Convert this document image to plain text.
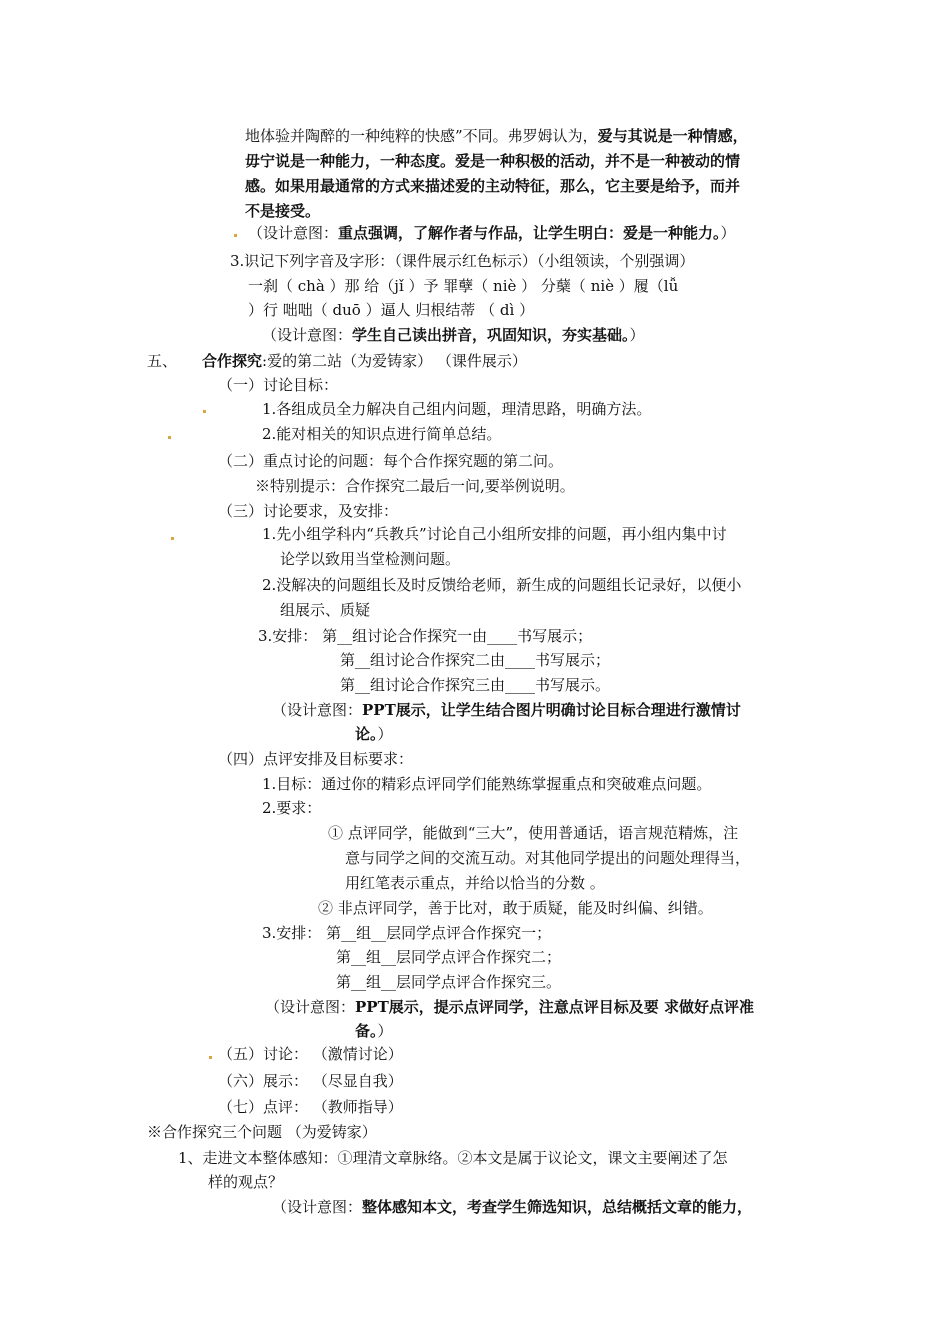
地体验并陶醉的一种纯粹的快感”不同。弗罗姆认为，爱与其说是一种情感，
毋宁说是一种能力，一种态度。爱是一种积极的活动，并不是一种被动的情
感。如果用最通常的方式来描述爱的主动特征，那么，它主要是给予，而并
不是接受。
（设计意图：重点强调，了解作者与作品，让学生明白：爱是一种能力。）
3.识记下列字音及字形：（课件展示红色标示）（小组领读，个别强调）
一刹（ chà ）那 给（jǐ ）予 罪孽（ niè ） 分蘖（ niè ）履（lǚ
）行 咄咄（ duō ）逼人 归根结蒂 （ dì ）
（设计意图：学生自己读出拼音，巩固知识，夯实基础。）
五、 合作探究:爱的第二站（为爱铸家） （课件展示）
（一）讨论目标：
1.各组成员全力解决自己组内问题，理清思路，明确方法。
2.能对相关的知识点进行简单总结。
（二）重点讨论的问题：每个合作探究题的第二问。
※特别提示：合作探究二最后一问,要举例说明。
（三）讨论要求，及安排：
1.先小组学科内“兵教兵”讨论自己小组所安排的问题，再小组内集中讨
论学以致用当堂检测问题。
2.没解决的问题组长及时反馈给老师，新生成的问题组长记录好，以便小
组展示、质疑
3.安排： 第__组讨论合作探究一由____书写展示；
第__组讨论合作探究二由____书写展示；
第__组讨论合作探究三由____书写展示。
（设计意图：PPT展示，让学生结合图片明确讨论目标合理进行激情讨
论。）
（四）点评安排及目标要求：
1.目标：通过你的精彩点评同学们能熟练掌握重点和突破难点问题。
2.要求：
① 点评同学，能做到“三大”，使用普通话，语言规范精炼，注
意与同学之间的交流互动。对其他同学提出的问题处理得当，
用红笔表示重点，并给以恰当的分数 。
② 非点评同学，善于比对，敢于质疑，能及时纠偏、纠错。
3.安排： 第__组__层同学点评合作探究一；
第__组__层同学点评合作探究二；
第__组__层同学点评合作探究三。
（设计意图：PPT展示，提示点评同学，注意点评目标及要 求做好点评准
备。）
（五）讨论： （激情讨论）
（六）展示： （尽显自我）
（七）点评： （教师指导）
※合作探究三个问题 （为爱铸家）
1、走进文本整体感知：①理清文章脉络。②本文是属于议论文，课文主要阐述了怎
样的观点？
（设计意图：整体感知本文，考查学生筛选知识，总结概括文章的能力，
